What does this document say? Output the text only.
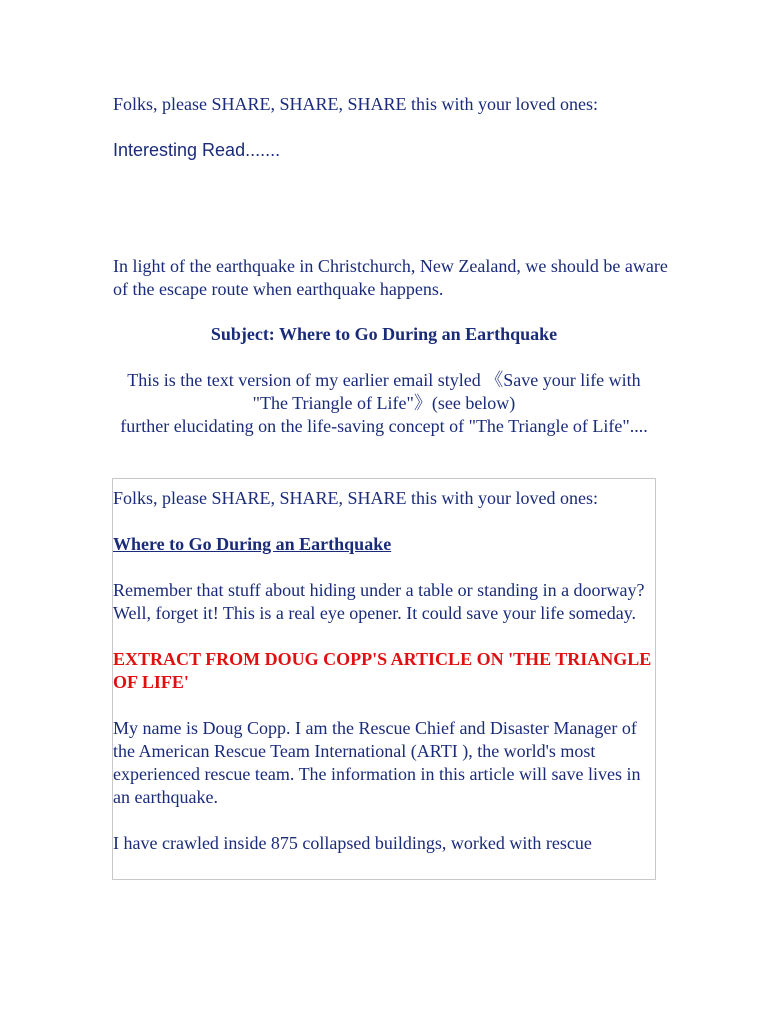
Folks, please SHARE, SHARE, SHARE this with your loved ones:
Interesting Read.......
In light of the earthquake in Christchurch, New Zealand, we should be aware of the escape route when earthquake happens.
Subject: Where to Go During an Earthquake
This is the text version of my earlier email styled 《Save your life with "The Triangle of Life"》(see below)
further elucidating on the life-saving concept of "The Triangle of Life"....

Folks, please SHARE, SHARE, SHARE this with your loved ones:

Where to Go During an Earthquake

Remember that stuff about hiding under a table or standing in a doorway? Well, forget it! This is a real eye opener. It could save your life someday.

EXTRACT FROM DOUG COPP'S ARTICLE ON 'THE TRIANGLE OF LIFE'

My name is Doug Copp. I am the Rescue Chief and Disaster Manager of the American Rescue Team International (ARTI ), the world's most experienced rescue team. The information in this article will save lives in an earthquake.

I have crawled inside 875 collapsed buildings, worked with rescue
